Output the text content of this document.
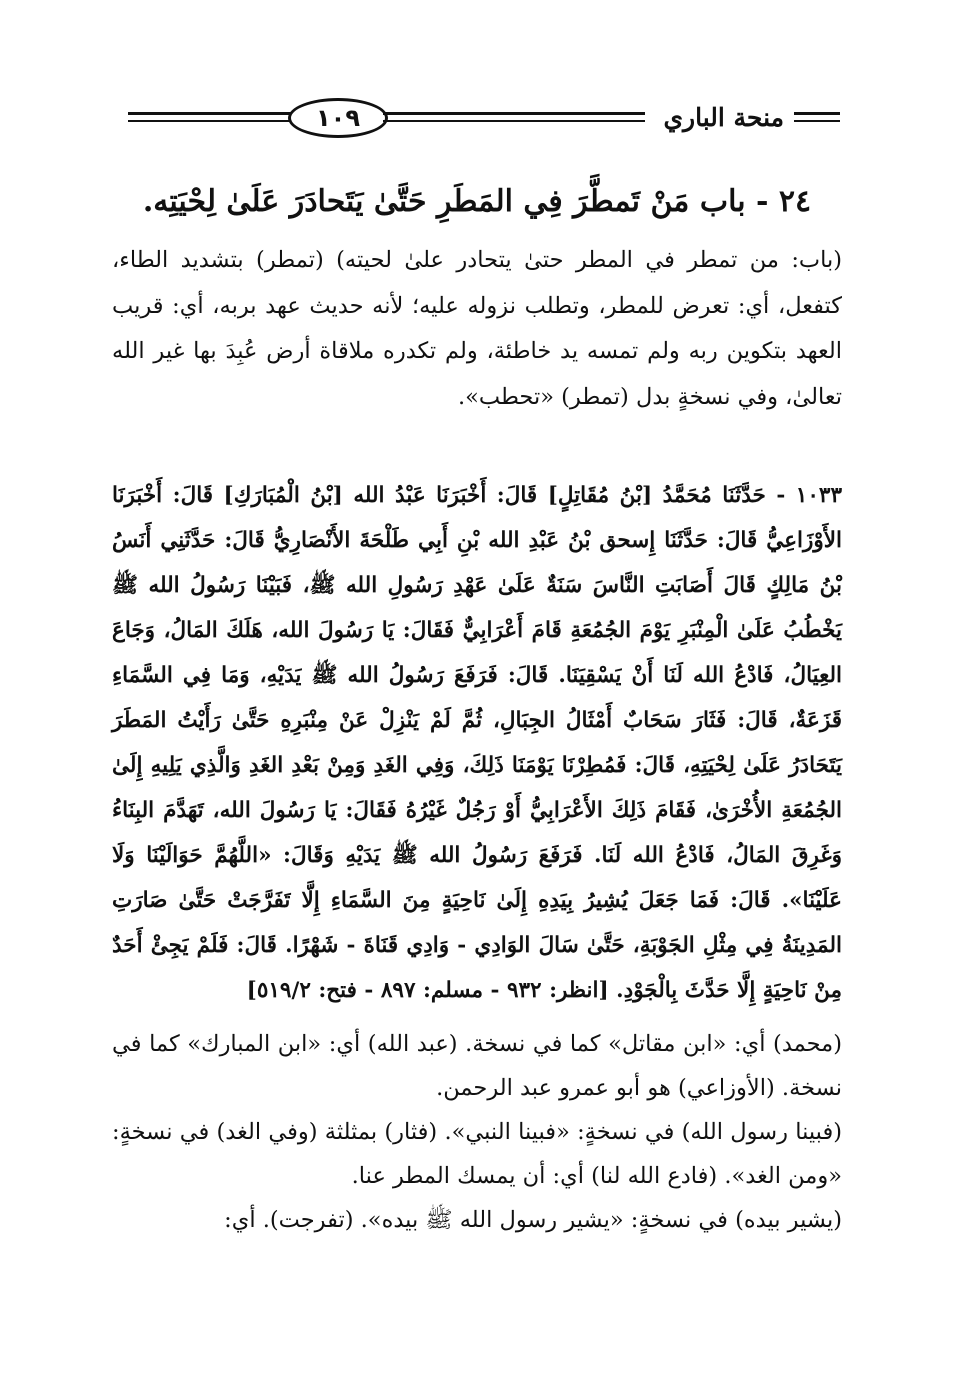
١٠٩	منحة الباري
٢٤ - باب مَنْ تَمطَّرَ فِي المَطَرِ حَتَّىٰ يَتَحادَرَ عَلَىٰ لِحْيَتِه.

(باب: من تمطر في المطر حتىٰ يتحادر علىٰ لحيته) (تمطر) بتشديد الطاء، كتفعل، أي: تعرض للمطر، وتطلب نزوله عليه؛ لأنه حديث عهد بربه، أي: قريب العهد بتكوين ربه ولم تمسه يد خاطئة، ولم تكدره ملاقاة أرض عُبِدَ بها غير الله تعالىٰ، وفي نسخةٍ بدل (تمطر) «تحطب».

١٠٣٣ - حَدَّثَنَا مُحَمَّدُ [بْنُ مُقَاتِلٍ] قَالَ: أَخْبَرَنَا عَبْدُ الله [بْنُ الْمُبَارَكِ] قَالَ: أَخْبَرَنَا الأَوْزَاعِيُّ قَالَ: حَدَّثَنَا إِسحق بْنُ عَبْدِ الله بْنِ أَبِي طَلْحَةَ الأَنْصَارِيُّ قَالَ: حَدَّثَنِي أَنَسُ بْنُ مَالِكٍ قَالَ أَصَابَتِ النَّاسَ سَنَةٌ عَلَىٰ عَهْدِ رَسُولِ الله ﷺ، فَبَيْنَا رَسُولُ الله ﷺ يَخْطُبُ عَلَىٰ الْمِنْبَرِ يَوْمَ الجُمُعَةِ قَامَ أَعْرَابِيٌّ فَقَالَ: يَا رَسُولَ الله، هَلَكَ المَالُ، وَجَاعَ العِيَالُ، فَادْعُ الله لَنَا أَنْ يَسْقِيَنَا. قَالَ: فَرَفَعَ رَسُولُ الله ﷺ يَدَيْهِ، وَمَا فِي السَّمَاءِ قَزَعَةٌ، قَالَ: فَثَارَ سَحَابٌ أَمْثَالُ الجِبَالِ، ثُمَّ لَمْ يَنْزِلْ عَنْ مِنْبَرِهِ حَتَّىٰ رَأَيْتُ المَطَرَ يَتَحَادَرُ عَلَىٰ لِحْيَتِهِ، قَالَ: فَمُطِرْنَا يَوْمَنَا ذَلِكَ، وَفِي الغَدِ وَمِنْ بَعْدِ الغَدِ وَالَّذِي يَلِيهِ إِلَىٰ الجُمُعَةِ الأُخْرَىٰ، فَقَامَ ذَلِكَ الأَعْرَابِيُّ أَوْ رَجُلٌ غَيْرُهُ فَقَالَ: يَا رَسُولَ الله، تَهَدَّمَ البِنَاءُ وَغَرِقَ المَالُ، فَادْعُ الله لَنَا. فَرَفَعَ رَسُولُ الله ﷺ يَدَيْهِ وَقَالَ: «اللَّهُمَّ حَوَالَيْنَا وَلَا عَلَيْنَا». قَالَ: فَمَا جَعَلَ يُشِيرُ بِيَدِهِ إِلَىٰ نَاحِيَةٍ مِنَ السَّمَاءِ إِلَّا تَفَرَّجَتْ حَتَّىٰ صَارَتِ المَدِينَةُ فِي مِثْلِ الجَوْبَةِ، حَتَّىٰ سَالَ الوَادِي - وَادِي قَنَاةَ - شَهْرًا. قَالَ: فَلَمْ يَجِئْ أَحَدٌ مِنْ نَاحِيَةٍ إِلَّا حَدَّثَ بِالْجَوْدِ. [انظر: ٩٣٢ - مسلم: ٨٩٧ - فتح: ٥١٩/٢]

(محمد) أي: «ابن مقاتل» كما في نسخة. (عبد الله) أي: «ابن المبارك» كما في نسخة. (الأوزاعي) هو أبو عمرو عبد الرحمن.

(فبينا رسول الله) في نسخةٍ: «فبينا النبي». (فثار) بمثلثة (وفي الغد) في نسخةٍ: «ومن الغد». (فادع الله لنا) أي: أن يمسك المطر عنا.

(يشير بيده) في نسخةٍ: «يشير رسول الله ﷺ بيده». (تفرجت). أي:
